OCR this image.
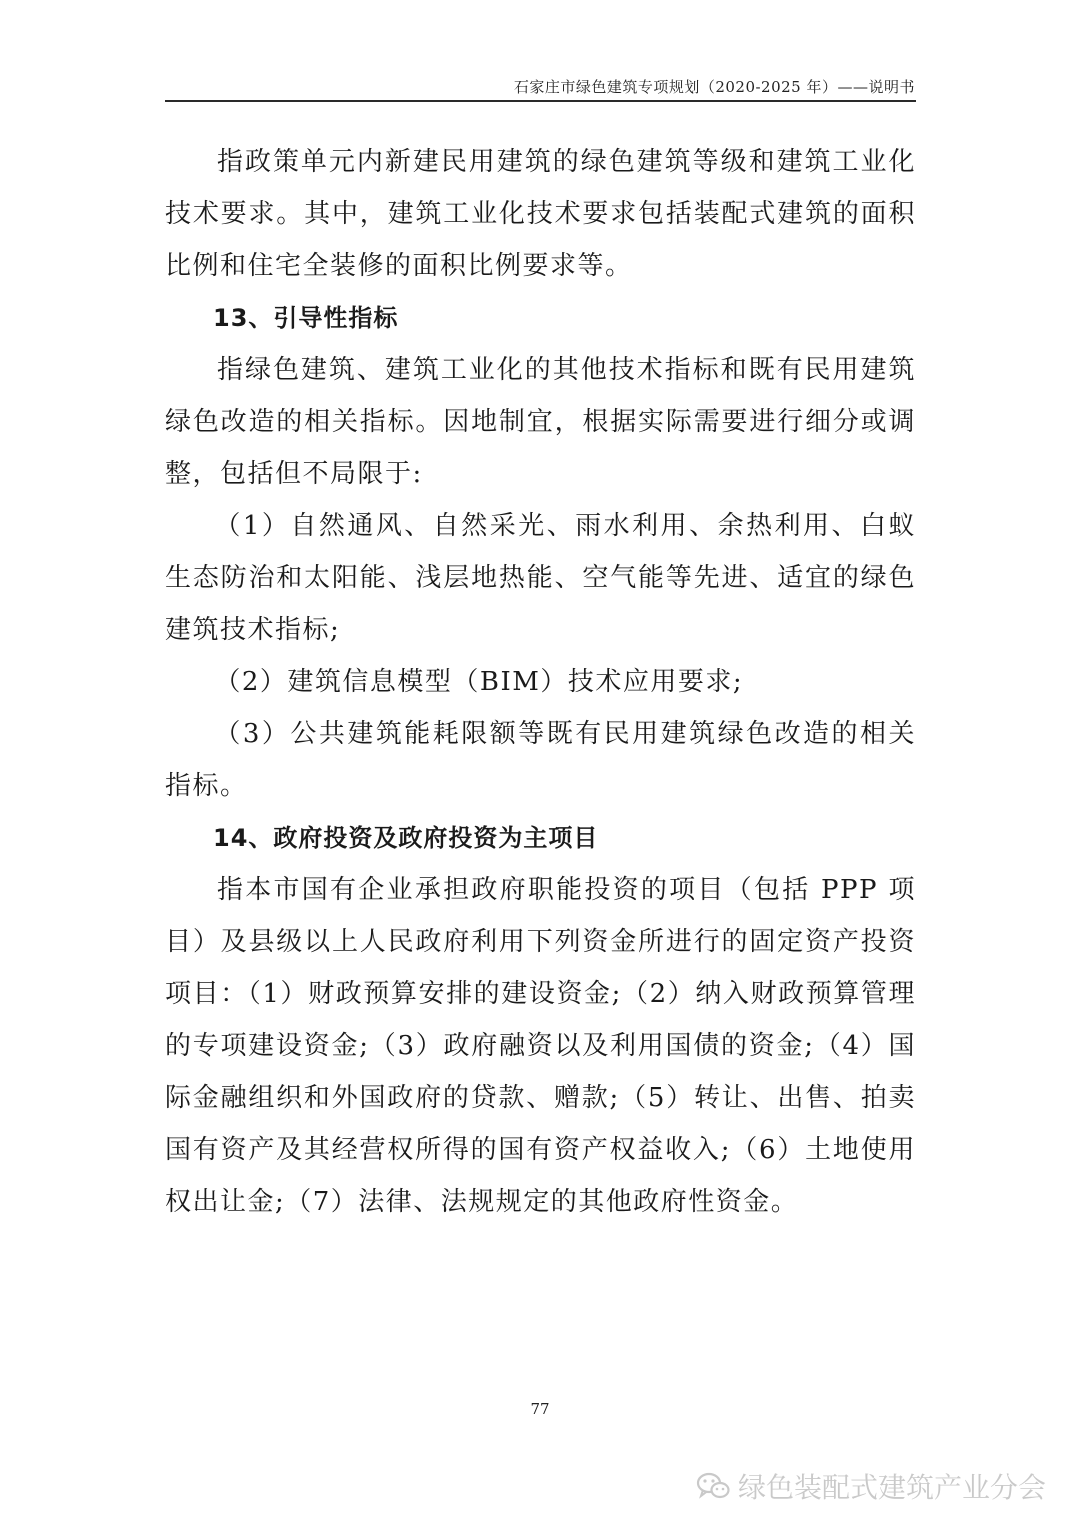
石家庄市绿色建筑专项规划（2020-2025 年）——说明书

指政策单元内新建民用建筑的绿色建筑等级和建筑工业化技术要求。其中，建筑工业化技术要求包括装配式建筑的面积比例和住宅全装修的面积比例要求等。

13、引导性指标

指绿色建筑、建筑工业化的其他技术指标和既有民用建筑绿色改造的相关指标。因地制宜，根据实际需要进行细分或调整，包括但不局限于:

（1）自然通风、自然采光、雨水利用、余热利用、白蚁生态防治和太阳能、浅层地热能、空气能等先进、适宜的绿色建筑技术指标;

（2）建筑信息模型（BIM）技术应用要求;

（3）公共建筑能耗限额等既有民用建筑绿色改造的相关指标。

14、政府投资及政府投资为主项目

指本市国有企业承担政府职能投资的项目（包括 PPP 项目）及县级以上人民政府利用下列资金所进行的固定资产投资项目：（1）财政预算安排的建设资金;（2）纳入财政预算管理的专项建设资金;（3）政府融资以及利用国债的资金;（4）国际金融组织和外国政府的贷款、赠款;（5）转让、出售、拍卖国有资产及其经营权所得的国有资产权益收入;（6）土地使用权出让金;（7）法律、法规规定的其他政府性资金。

77
绿色装配式建筑产业分会
